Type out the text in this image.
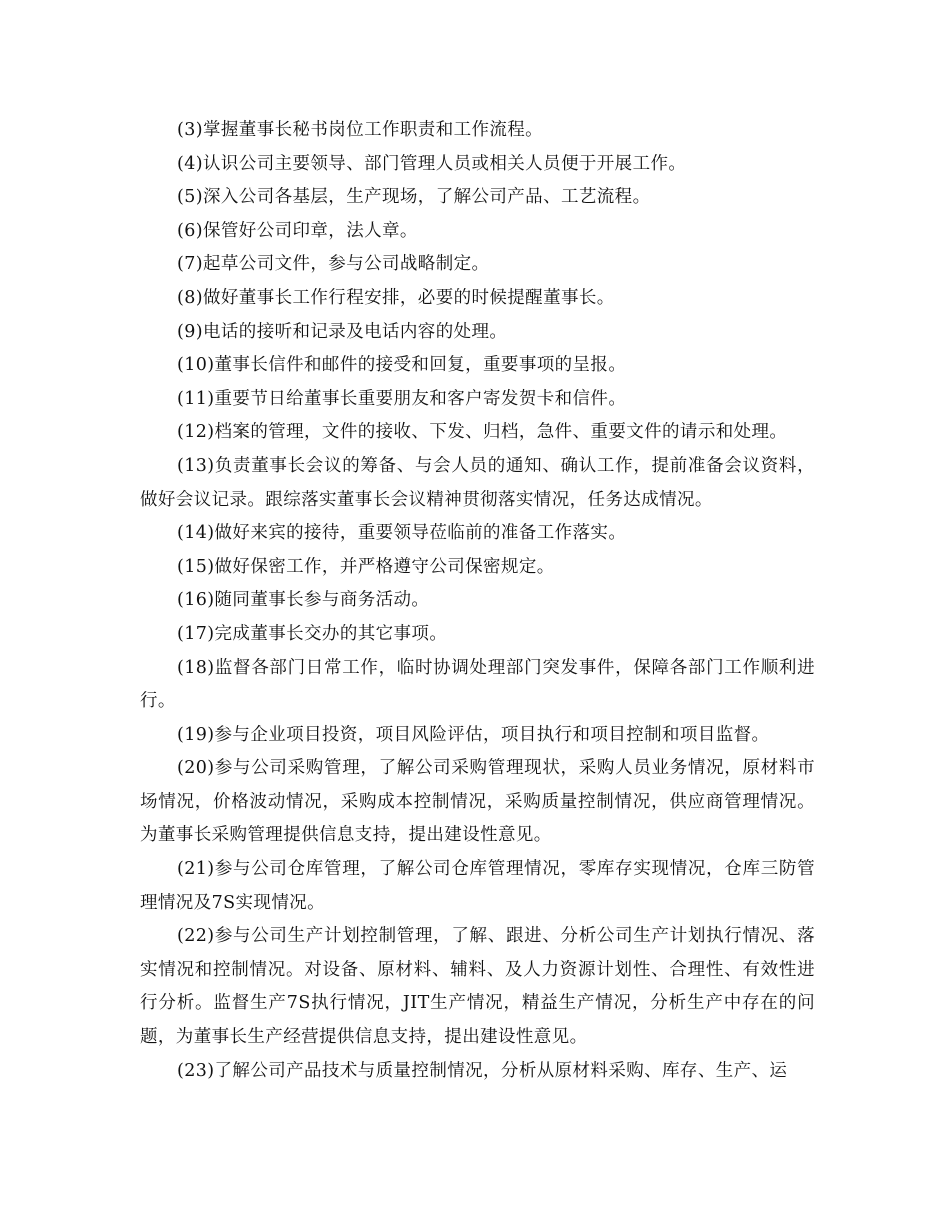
(3)掌握董事长秘书岗位工作职责和工作流程。

(4)认识公司主要领导、部门管理人员或相关人员便于开展工作。

(5)深入公司各基层，生产现场，了解公司产品、工艺流程。

(6)保管好公司印章，法人章。

(7)起草公司文件，参与公司战略制定。

(8)做好董事长工作行程安排，必要的时候提醒董事长。

(9)电话的接听和记录及电话内容的处理。

(10)董事长信件和邮件的接受和回复，重要事项的呈报。

(11)重要节日给董事长重要朋友和客户寄发贺卡和信件。

(12)档案的管理，文件的接收、下发、归档，急件、重要文件的请示和处理。

(13)负责董事长会议的筹备、与会人员的通知、确认工作，提前准备会议资料，做好会议记录。跟综落实董事长会议精神贯彻落实情况，任务达成情况。

(14)做好来宾的接待，重要领导莅临前的准备工作落实。

(15)做好保密工作，并严格遵守公司保密规定。

(16)随同董事长参与商务活动。

(17)完成董事长交办的其它事项。

(18)监督各部门日常工作，临时协调处理部门突发事件，保障各部门工作顺利进行。

(19)参与企业项目投资，项目风险评估，项目执行和项目控制和项目监督。

(20)参与公司采购管理，了解公司采购管理现状，采购人员业务情况，原材料市场情况，价格波动情况，采购成本控制情况，采购质量控制情况，供应商管理情况。为董事长采购管理提供信息支持，提出建设性意见。

(21)参与公司仓库管理，了解公司仓库管理情况，零库存实现情况，仓库三防管理情况及7S实现情况。

(22)参与公司生产计划控制管理，了解、跟进、分析公司生产计划执行情况、落实情况和控制情况。对设备、原材料、辅料、及人力资源计划性、合理性、有效性进行分析。监督生产7S执行情况，JIT生产情况，精益生产情况，分析生产中存在的问题，为董事长生产经营提供信息支持，提出建设性意见。

(23)了解公司产品技术与质量控制情况，分析从原材料采购、库存、生产、运
